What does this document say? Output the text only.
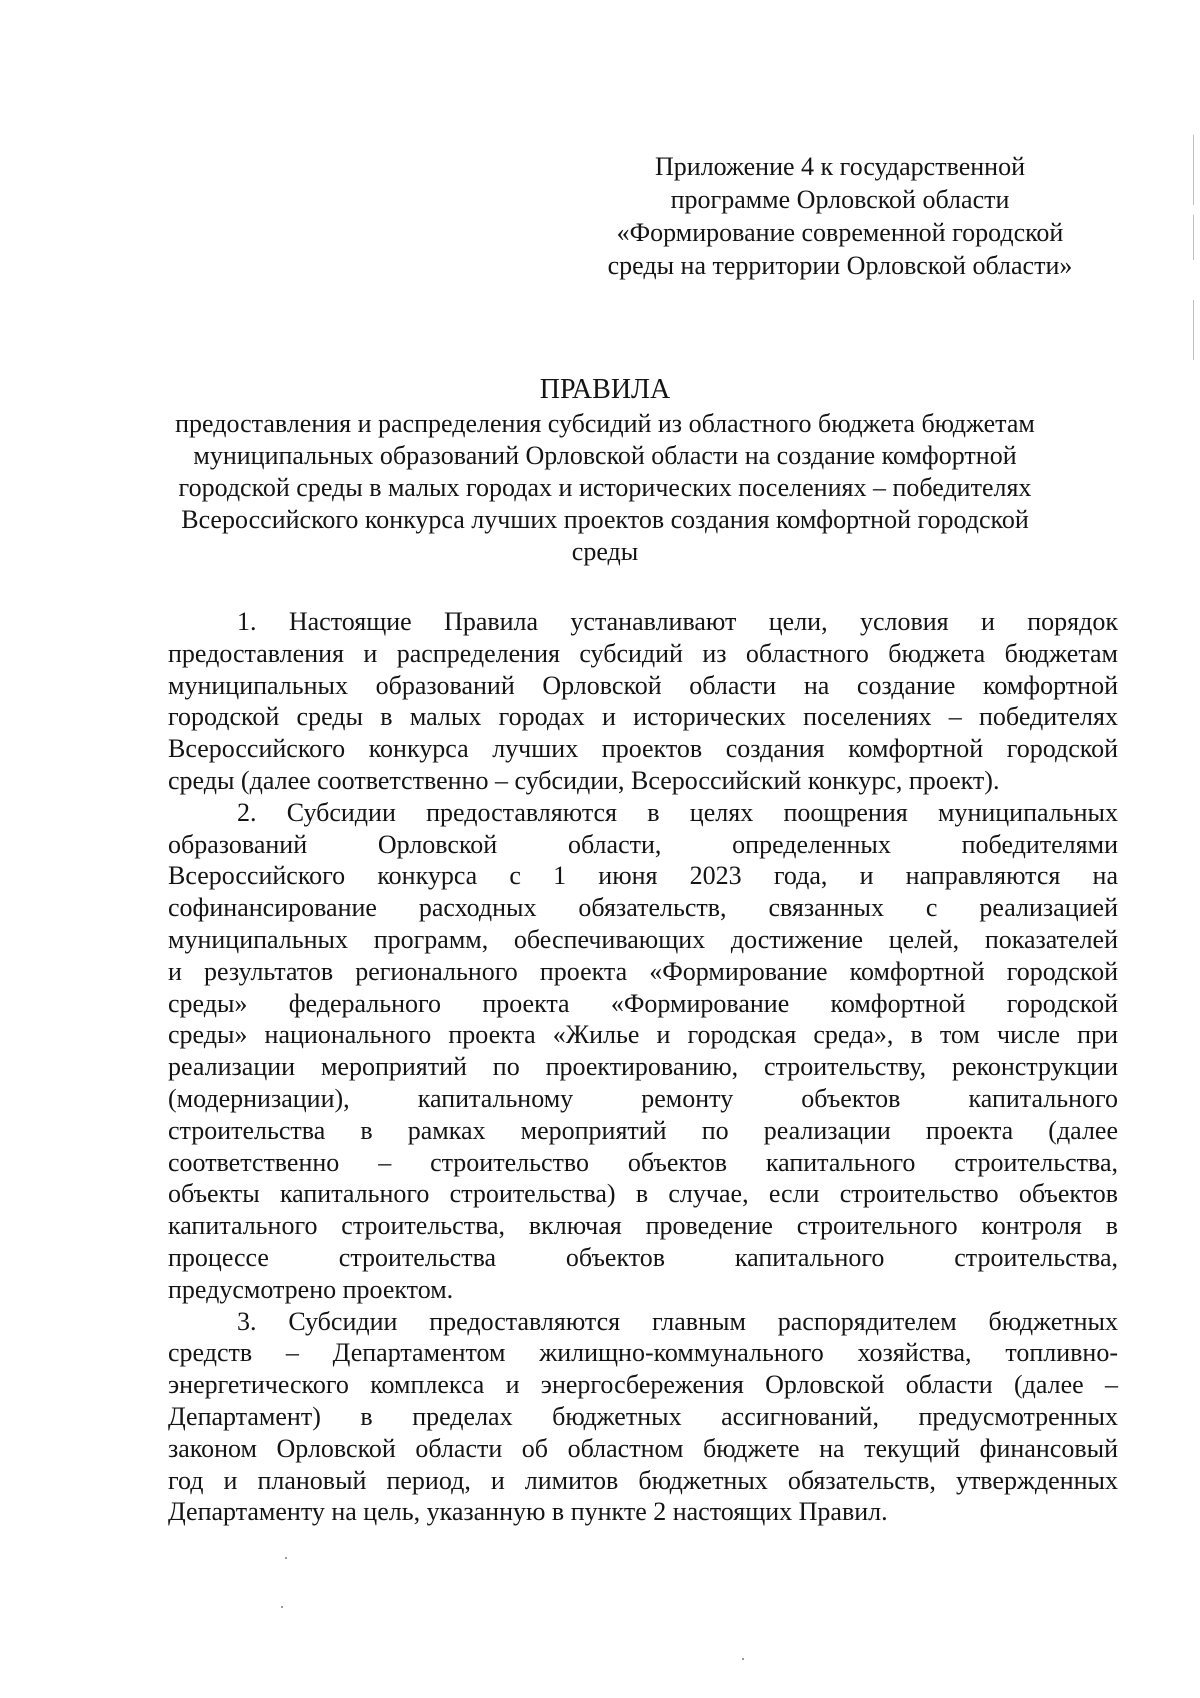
Приложение 4 к государственной
программе Орловской области
«Формирование современной городской
среды на территории Орловской области»
ПРАВИЛА
предоставления и распределения субсидий из областного бюджета бюджетам
муниципальных образований Орловской области на создание комфортной
городской среды в малых городах и исторических поселениях – победителях
Всероссийского конкурса лучших проектов создания комфортной городской
среды
1. Настоящие Правила устанавливают цели, условия и порядок
предоставления и распределения субсидий из областного бюджета бюджетам
муниципальных образований Орловской области на создание комфортной
городской среды в малых городах и исторических поселениях – победителях
Всероссийского конкурса лучших проектов создания комфортной городской
среды (далее соответственно – субсидии, Всероссийский конкурс, проект).
2. Субсидии предоставляются в целях поощрения муниципальных
образований Орловской области, определенных победителями
Всероссийского конкурса с 1 июня 2023 года, и направляются на
софинансирование расходных обязательств, связанных с реализацией
муниципальных программ, обеспечивающих достижение целей, показателей
и результатов регионального проекта «Формирование комфортной городской
среды» федерального проекта «Формирование комфортной городской
среды» национального проекта «Жилье и городская среда», в том числе при
реализации мероприятий по проектированию, строительству, реконструкции
(модернизации), капитальному ремонту объектов капитального
строительства в рамках мероприятий по реализации проекта (далее
соответственно – строительство объектов капитального строительства,
объекты капитального строительства) в случае, если строительство объектов
капитального строительства, включая проведение строительного контроля в
процессе строительства объектов капитального строительства,
предусмотрено проектом.
3. Субсидии предоставляются главным распорядителем бюджетных
средств – Департаментом жилищно-коммунального хозяйства, топливно-
энергетического комплекса и энергосбережения Орловской области (далее –
Департамент) в пределах бюджетных ассигнований, предусмотренных
законом Орловской области об областном бюджете на текущий финансовый
год и плановый период, и лимитов бюджетных обязательств, утвержденных
Департаменту на цель, указанную в пункте 2 настоящих Правил.
